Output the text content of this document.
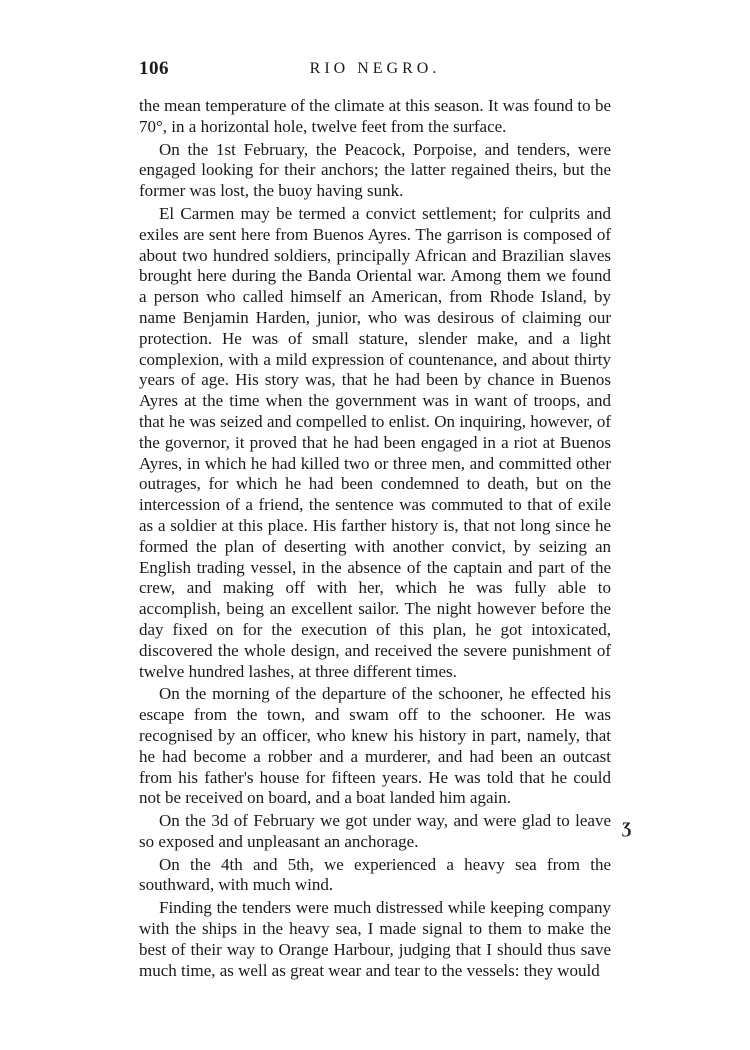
106	RIO NEGRO.

the mean temperature of the climate at this season. It was found to be 70°, in a horizontal hole, twelve feet from the surface.

On the 1st February, the Peacock, Porpoise, and tenders, were engaged looking for their anchors; the latter regained theirs, but the former was lost, the buoy having sunk.

El Carmen may be termed a convict settlement; for culprits and exiles are sent here from Buenos Ayres. The garrison is composed of about two hundred soldiers, principally African and Brazilian slaves brought here during the Banda Oriental war. Among them we found a person who called himself an American, from Rhode Island, by name Benjamin Harden, junior, who was desirous of claiming our protection. He was of small stature, slender make, and a light complexion, with a mild expression of countenance, and about thirty years of age. His story was, that he had been by chance in Buenos Ayres at the time when the government was in want of troops, and that he was seized and compelled to enlist. On inquiring, however, of the governor, it proved that he had been engaged in a riot at Buenos Ayres, in which he had killed two or three men, and committed other outrages, for which he had been condemned to death, but on the intercession of a friend, the sentence was commuted to that of exile as a soldier at this place. His farther history is, that not long since he formed the plan of deserting with another convict, by seizing an English trading vessel, in the absence of the captain and part of the crew, and making off with her, which he was fully able to accomplish, being an excellent sailor. The night however before the day fixed on for the execution of this plan, he got intoxicated, discovered the whole design, and received the severe punishment of twelve hundred lashes, at three different times.

On the morning of the departure of the schooner, he effected his escape from the town, and swam off to the schooner. He was recognised by an officer, who knew his history in part, namely, that he had become a robber and a murderer, and had been an outcast from his father's house for fifteen years. He was told that he could not be received on board, and a boat landed him again.

On the 3d of February we got under way, and were glad to leave so exposed and unpleasant an anchorage.

On the 4th and 5th, we experienced a heavy sea from the southward, with much wind.

Finding the tenders were much distressed while keeping company with the ships in the heavy sea, I made signal to them to make the best of their way to Orange Harbour, judging that I should thus save much time, as well as great wear and tear to the vessels: they would

Ʒ
